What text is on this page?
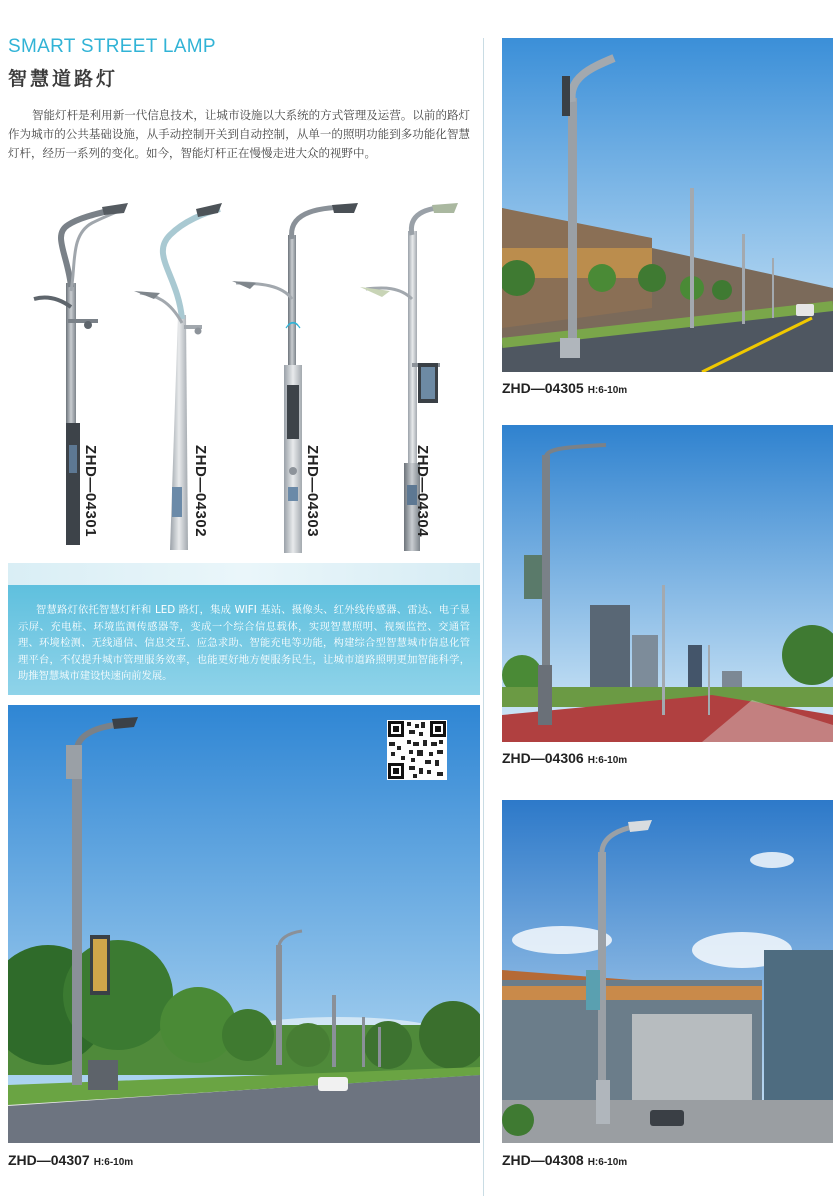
SMART STREET LAMP
智慧道路灯

智能灯杆是利用新一代信息技术，让城市设施以大系统的方式管理及运营。以前的路灯作为城市的公共基础设施，从手动控制开关到自动控制，从单一的照明功能到多功能化智慧灯杆，经历一系列的变化。如今，智能灯杆正在慢慢走进大众的视野中。

ZHD—04301	ZHD—04302	ZHD—04303	ZHD—04304

智慧路灯依托智慧灯杆和 LED 路灯，集成 WIFI 基站、摄像头、红外线传感器、雷达、电子显示屏、充电桩、环境监测传感器等，变成一个综合信息载体，实现智慧照明、视频监控、交通管理、环境检测、无线通信、信息交互、应急求助、智能充电等功能，构建综合型智慧城市信息化管理平台，不仅提升城市管理服务效率，也能更好地方便服务民生，让城市道路照明更加智能科学，助推智慧城市建设快速向前发展。

ZHD—04307 H:6-10m
ZHD—04305 H:6-10m
ZHD—04306 H:6-10m
ZHD—04308 H:6-10m
